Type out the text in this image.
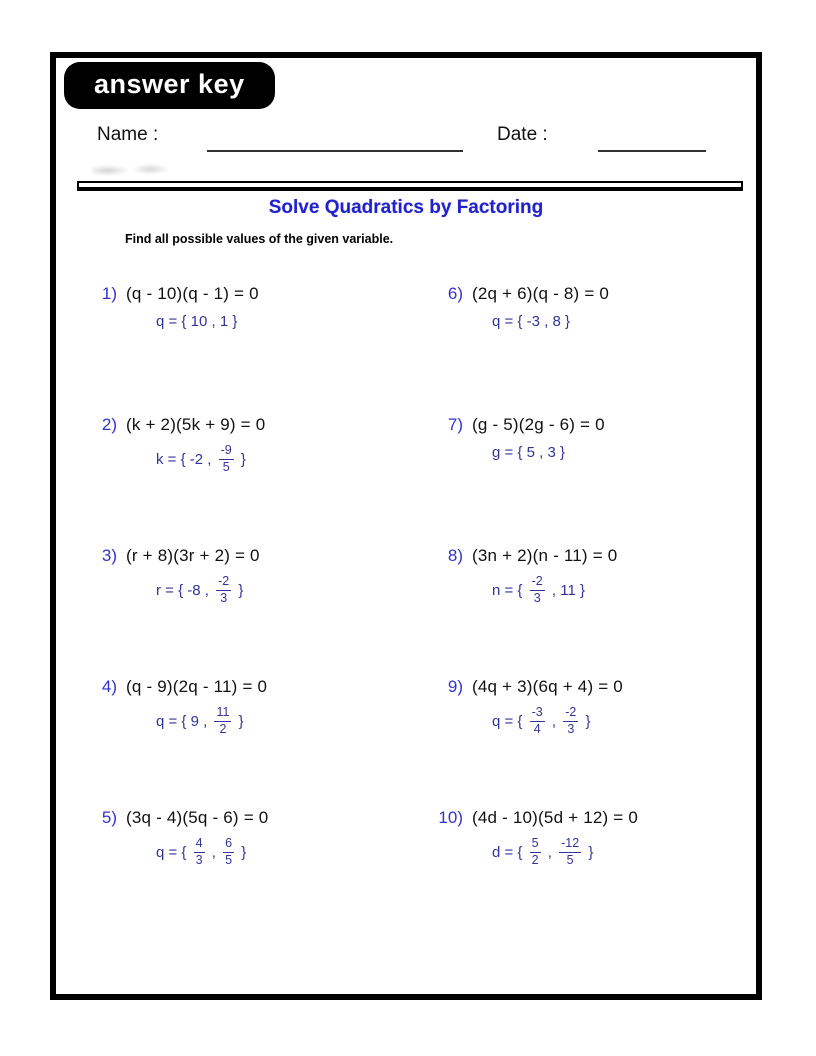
answer key
Name :	Date :
Solve Quadratics by Factoring
Find all possible values of the given variable.
1) (q - 10)(q - 1) = 0
q = { 10 , 1 }
2) (k + 2)(5k + 9) = 0
k = { -2 , $\frac{-9}{5}$ }
3) (r + 8)(3r + 2) = 0
r = { -8 , $\frac{-2}{3}$ }
4) (q - 9)(2q - 11) = 0
q = { 9 , $\frac{11}{2}$ }
5) (3q - 4)(5q - 6) = 0
q = { $\frac{4}{3}$ , $\frac{6}{5}$ }
6) (2q + 6)(q - 8) = 0
q = { -3 , 8 }
7) (g - 5)(2g - 6) = 0
g = { 5 , 3 }
8) (3n + 2)(n - 11) = 0
n = { $\frac{-2}{3}$ , 11 }
9) (4q + 3)(6q + 4) = 0
q = { $\frac{-3}{4}$ , $\frac{-2}{3}$ }
10) (4d - 10)(5d + 12) = 0
d = { $\frac{5}{2}$ , $\frac{-12}{5}$ }
